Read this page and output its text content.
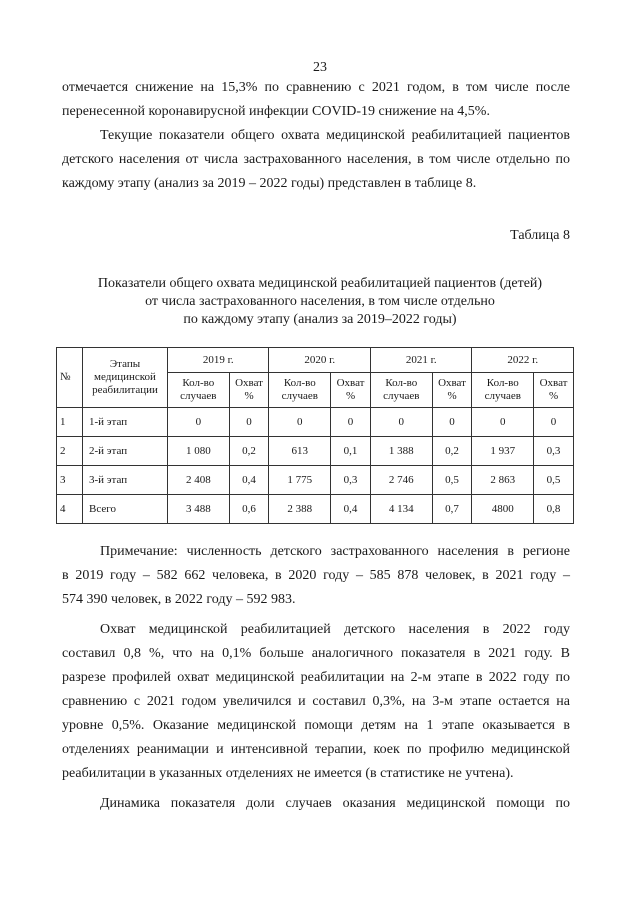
23
отмечается снижение на 15,3% по сравнению с 2021 годом, в том числе после
перенесенной коронавирусной инфекции COVID-19 снижение на 4,5%.
Текущие показатели общего охвата медицинской реабилитацией пациентов
детского населения от числа застрахованного населения, в том числе отдельно по
каждому этапу (анализ за 2019 – 2022 годы) представлен в таблице 8.
Таблица 8
Показатели общего охвата медицинской реабилитацией пациентов (детей)
от числа застрахованного населения, в том числе отдельно
по каждому этапу (анализ за 2019–2022 годы)
№	Этапы медицинской реабилитации	2019 г.		2020 г.		2021 г.		2022 г.	
		Кол-во случаев	Охват %	Кол-во случаев	Охват %	Кол-во случаев	Охват %	Кол-во случаев	Охват %
1	1-й этап	0	0	0	0	0	0	0	0
2	2-й этап	1 080	0,2	613	0,1	1 388	0,2	1 937	0,3
3	3-й этап	2 408	0,4	1 775	0,3	2 746	0,5	2 863	0,5
4	Всего	3 488	0,6	2 388	0,4	4 134	0,7	4800	0,8
Примечание: численность детского застрахованного населения в регионе
в 2019 году – 582 662 человека, в 2020 году – 585 878 человек, в 2021 году –
574 390 человек, в 2022 году – 592 983.
Охват медицинской реабилитацией детского населения в 2022 году
составил 0,8 %, что на 0,1% больше аналогичного показателя в 2021 году. В
разрезе профилей охват медицинской реабилитации на 2-м этапе в 2022 году по
сравнению с 2021 годом увеличился и составил 0,3%, на 3-м этапе остается на
уровне 0,5%. Оказание медицинской помощи детям на 1 этапе оказывается в
отделениях реанимации и интенсивной терапии, коек по профилю медицинской
реабилитации в указанных отделениях не имеется (в статистике не учтена).
Динамика показателя доли случаев оказания медицинской помощи по
